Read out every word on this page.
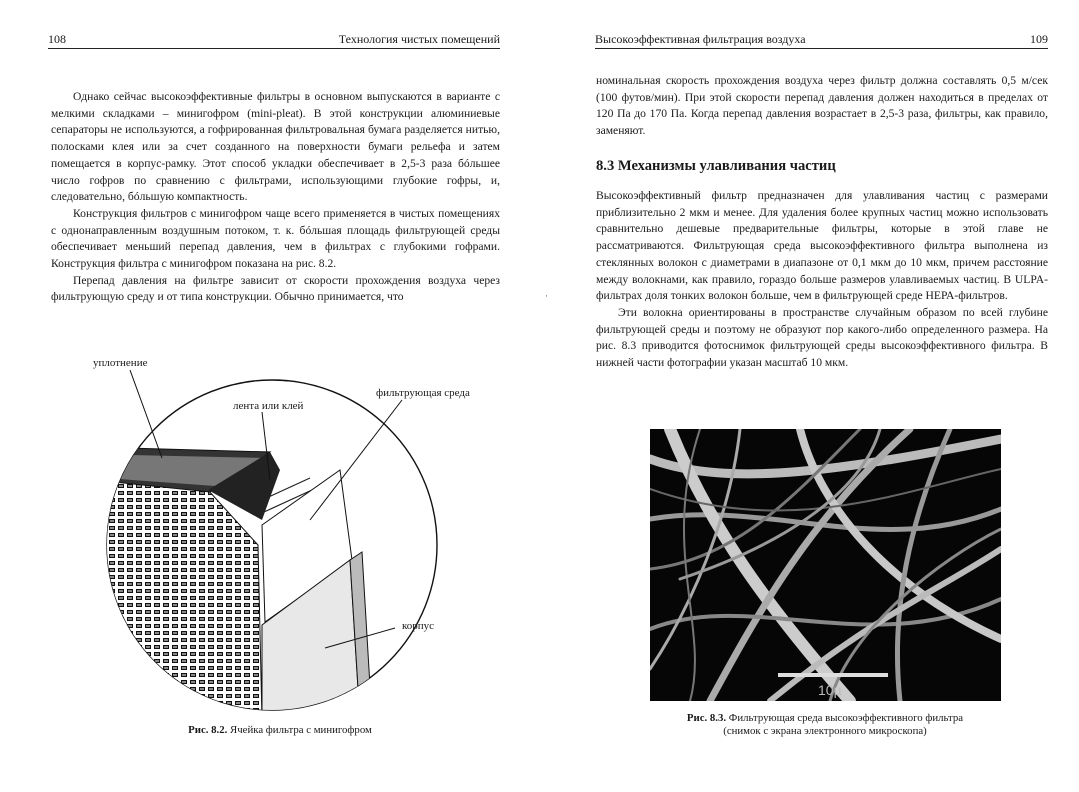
108	Технология чистых помещений

Однако сейчас высокоэффективные фильтры в основном выпускаются в варианте с мелкими складками – минигофром (mini-pleat). В этой конструкции алюминиевые сепараторы не используются, а гофрированная фильтровальная бумага разделяется нитью, полосками клея или за счет созданного на поверхности бумаги рельефа и затем помещается в корпус-рамку. Этот способ укладки обеспечивает в 2,5-3 раза бóльшее число гофров по сравнению с фильтрами, использующими глубокие гофры, и, следовательно, бóльшую компактность.

Конструкция фильтров с минигофром чаще всего применяется в чистых помещениях с однонаправленным воздушным потоком, т. к. бóльшая площадь фильтрующей среды обеспечивает меньший перепад давления, чем в фильтрах с глубокими гофрами. Конструкция фильтра с минигофром показана на рис. 8.2.

Перепад давления на фильтре зависит от скорости прохождения воздуха через фильтрующую среду и от типа конструкции. Обычно принимается, что

уплотнение
лента или клей
фильтрующая среда
корпус
Рис. 8.2. Ячейка фильтра с минигофром
·
Высокоэффективная фильтрация воздуха	109

номинальная скорость прохождения воздуха через фильтр должна составлять 0,5 м/сек (100 футов/мин). При этой скорости перепад давления должен находиться в пределах от 120 Па до 170 Па. Когда перепад давления возрастает в 2,5-3 раза, фильтры, как правило, заменяют.

8.3 Механизмы улавливания частиц

Высокоэффективный фильтр предназначен для улавливания частиц с размерами приблизительно 2 мкм и менее. Для удаления более крупных частиц можно использовать сравнительно дешевые предварительные фильтры, которые в этой главе не рассматриваются. Фильтрующая среда высокоэффективного фильтра выполнена из стеклянных волокон с диаметрами в диапазоне от 0,1 мкм до 10 мкм, причем расстояние между волокнами, как правило, гораздо больше размеров улавливаемых частиц. В ULPA-фильтрах доля тонких волокон больше, чем в фильтрующей среде НЕРА-фильтров.

Эти волокна ориентированы в пространстве случайным образом по всей глубине фильтрующей среды и поэтому не образуют пор какого-либо определенного размера. На рис. 8.3 приводится фотоснимок фильтрующей среды высокоэффективного фильтра. В нижней части фотографии указан масштаб 10 мкм.

10µ
Рис. 8.3. Фильтрующая среда высокоэффективного фильтра
(снимок с экрана электронного микроскопа)
